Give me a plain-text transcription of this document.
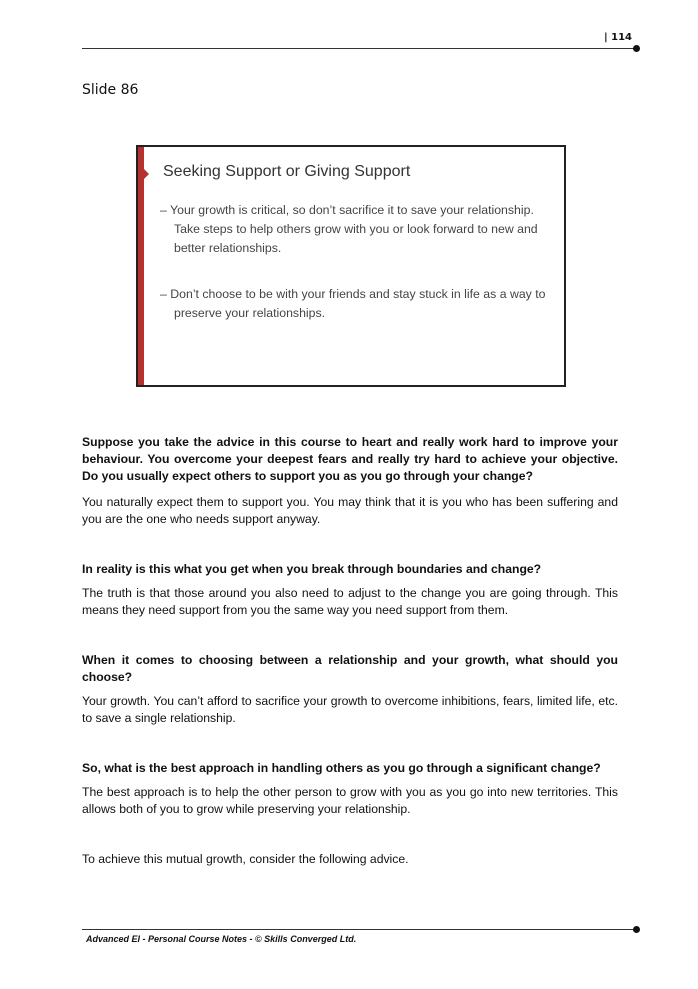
| 114
Slide 86
Seeking Support or Giving Support
– Your growth is critical, so don’t sacrifice it to save your relationship. Take steps to help others grow with you or look forward to new and better relationships.
– Don’t choose to be with your friends and stay stuck in life as a way to preserve your relationships.
Suppose you take the advice in this course to heart and really work hard to improve your behaviour. You overcome your deepest fears and really try hard to achieve your objective. Do you usually expect others to support you as you go through your change?
You naturally expect them to support you. You may think that it is you who has been suffering and you are the one who needs support anyway.
In reality is this what you get when you break through boundaries and change?
The truth is that those around you also need to adjust to the change you are going through. This means they need support from you the same way you need support from them.
When it comes to choosing between a relationship and your growth, what should you choose?
Your growth. You can’t afford to sacrifice your growth to overcome inhibitions, fears, limited life, etc. to save a single relationship.
So, what is the best approach in handling others as you go through a significant change?
The best approach is to help the other person to grow with you as you go into new territories. This allows both of you to grow while preserving your relationship.
To achieve this mutual growth, consider the following advice.
Advanced EI - Personal Course Notes - © Skills Converged Ltd.
